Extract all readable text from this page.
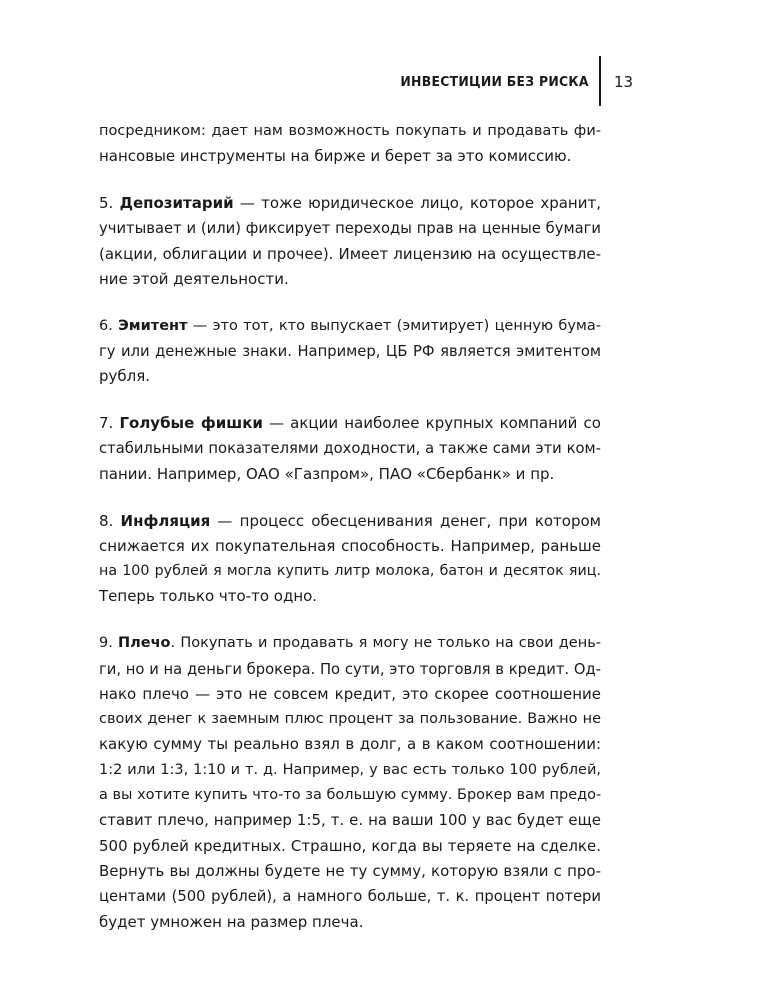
ИНВЕСТИЦИИ БЕЗ РИСКА 13

посредником: дает нам возможность покупать и продавать фи-
нансовые инструменты на бирже и берет за это комиссию.

5. Депозитарий — тоже юридическое лицо, которое хранит,
учитывает и (или) фиксирует переходы прав на ценные бумаги
(акции, облигации и прочее). Имеет лицензию на осуществле-
ние этой деятельности.

6. Эмитент — это тот, кто выпускает (эмитирует) ценную бума-
гу или денежные знаки. Например, ЦБ РФ является эмитентом
рубля.

7. Голубые фишки — акции наиболее крупных компаний со
стабильными показателями доходности, а также сами эти ком-
пании. Например, ОАО «Газпром», ПАО «Сбербанк» и пр.

8. Инфляция — процесс обесценивания денег, при котором
снижается их покупательная способность. Например, раньше
на 100 рублей я могла купить литр молока, батон и десяток яиц.
Теперь только что-то одно.

9. Плечо. Покупать и продавать я могу не только на свои день-
ги, но и на деньги брокера. По сути, это торговля в кредит. Од-
нако плечо — это не совсем кредит, это скорее соотношение
своих денег к заемным плюс процент за пользование. Важно не
какую сумму ты реально взял в долг, а в каком соотношении:
1:2 или 1:3, 1:10 и т. д. Например, у вас есть только 100 рублей,
а вы хотите купить что-то за большую сумму. Брокер вам предо-
ставит плечо, например 1:5, т. е. на ваши 100 у вас будет еще
500 рублей кредитных. Страшно, когда вы теряете на сделке.
Вернуть вы должны будете не ту сумму, которую взяли с про-
центами (500 рублей), а намного больше, т. к. процент потери
будет умножен на размер плеча.
